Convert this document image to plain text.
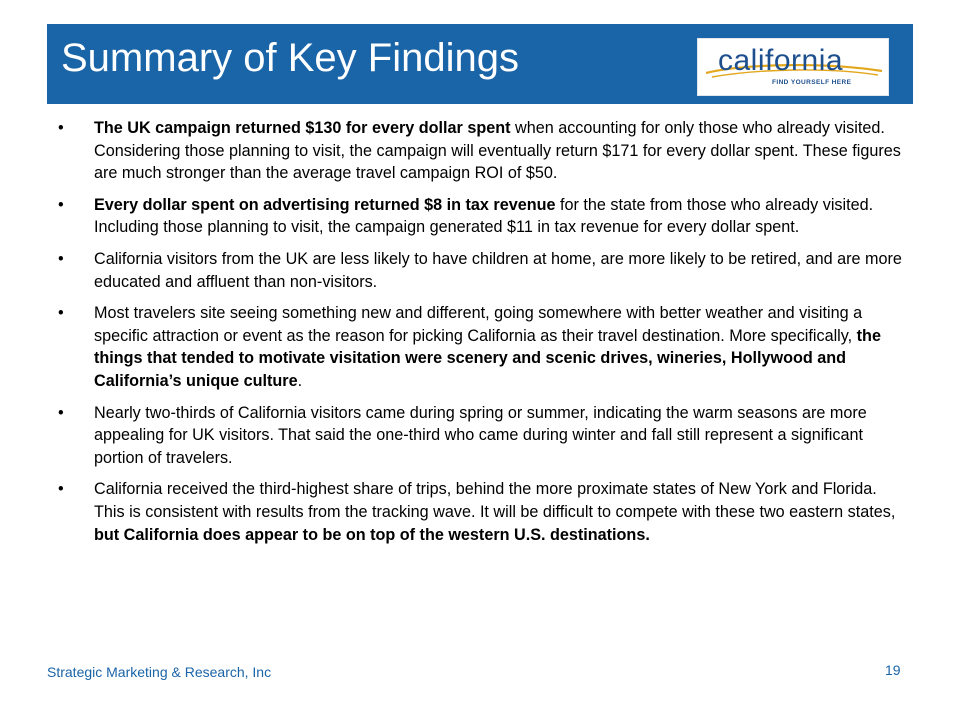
Summary of Key Findings	california
FIND YOURSELF HERE
• The UK campaign returned $130 for every dollar spent when accounting for only those who already visited. Considering those planning to visit, the campaign will eventually return $171 for every dollar spent. These figures are much stronger than the average travel campaign ROI of $50.
• Every dollar spent on advertising returned $8 in tax revenue for the state from those who already visited. Including those planning to visit, the campaign generated $11 in tax revenue for every dollar spent.
• California visitors from the UK are less likely to have children at home, are more likely to be retired, and are more educated and affluent than non-visitors.
• Most travelers site seeing something new and different, going somewhere with better weather and visiting a specific attraction or event as the reason for picking California as their travel destination. More specifically, the things that tended to motivate visitation were scenery and scenic drives, wineries, Hollywood and California’s unique culture.
• Nearly two-thirds of California visitors came during spring or summer, indicating the warm seasons are more appealing for UK visitors. That said the one-third who came during winter and fall still represent a significant portion of travelers.
• California received the third-highest share of trips, behind the more proximate states of New York and Florida. This is consistent with results from the tracking wave. It will be difficult to compete with these two eastern states, but California does appear to be on top of the western U.S. destinations.
Strategic Marketing & Research, Inc	19
